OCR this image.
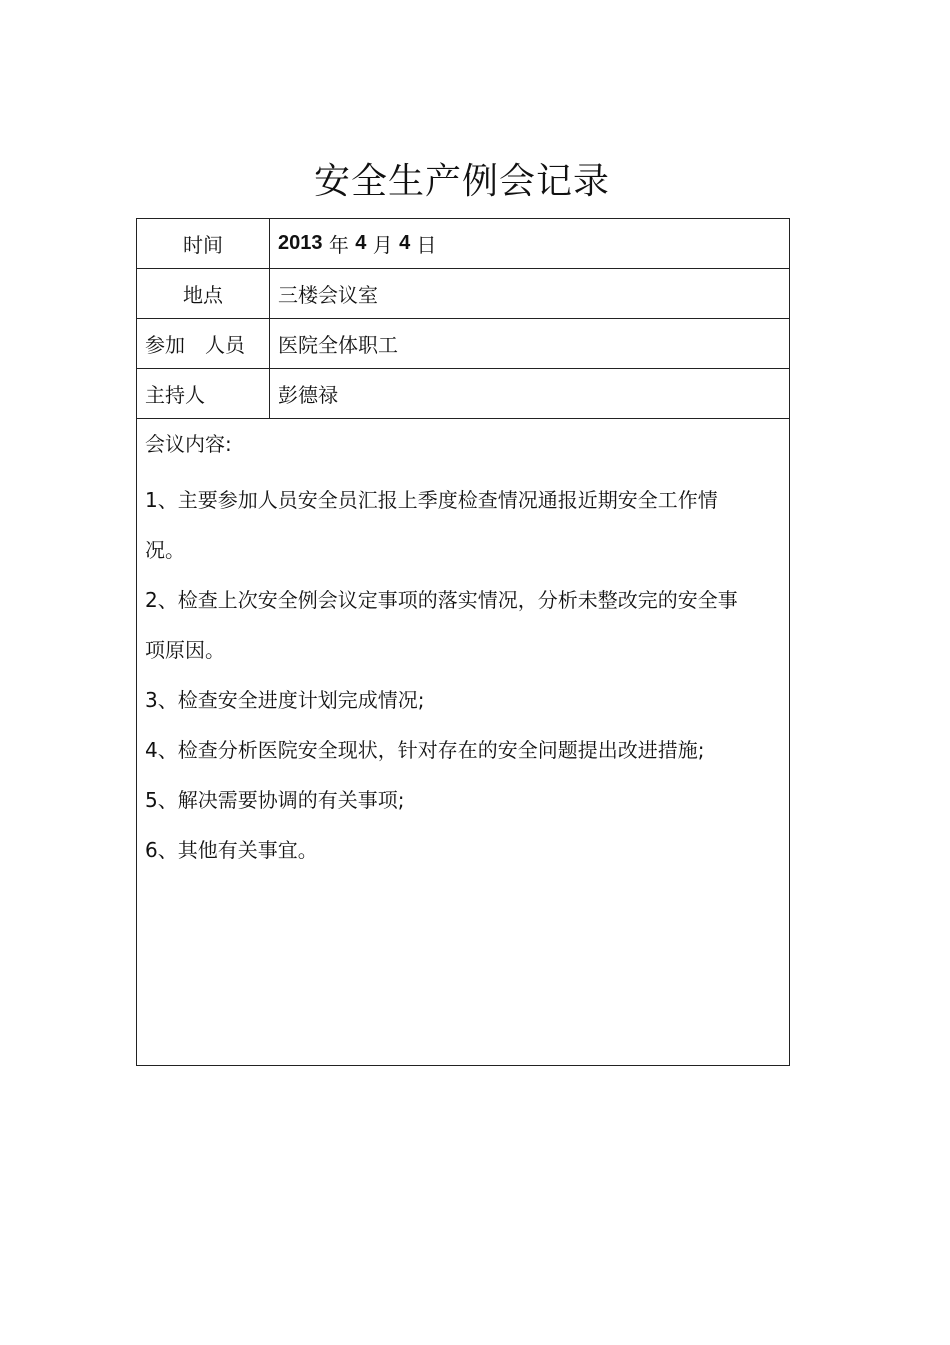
安全生产例会记录
时间	2013 年 4 月 4 日
地点	三楼会议室
参加　人员	医院全体职工
主持人	彭德禄
会议内容:
1、主要参加人员安全员汇报上季度检查情况通报近期安全工作情况。
2、检查上次安全例会议定事项的落实情况，分析未整改完的安全事项原因。
3、检查安全进度计划完成情况;
4、检查分析医院安全现状，针对存在的安全问题提出改进措施;
5、解决需要协调的有关事项;
6、其他有关事宜。
